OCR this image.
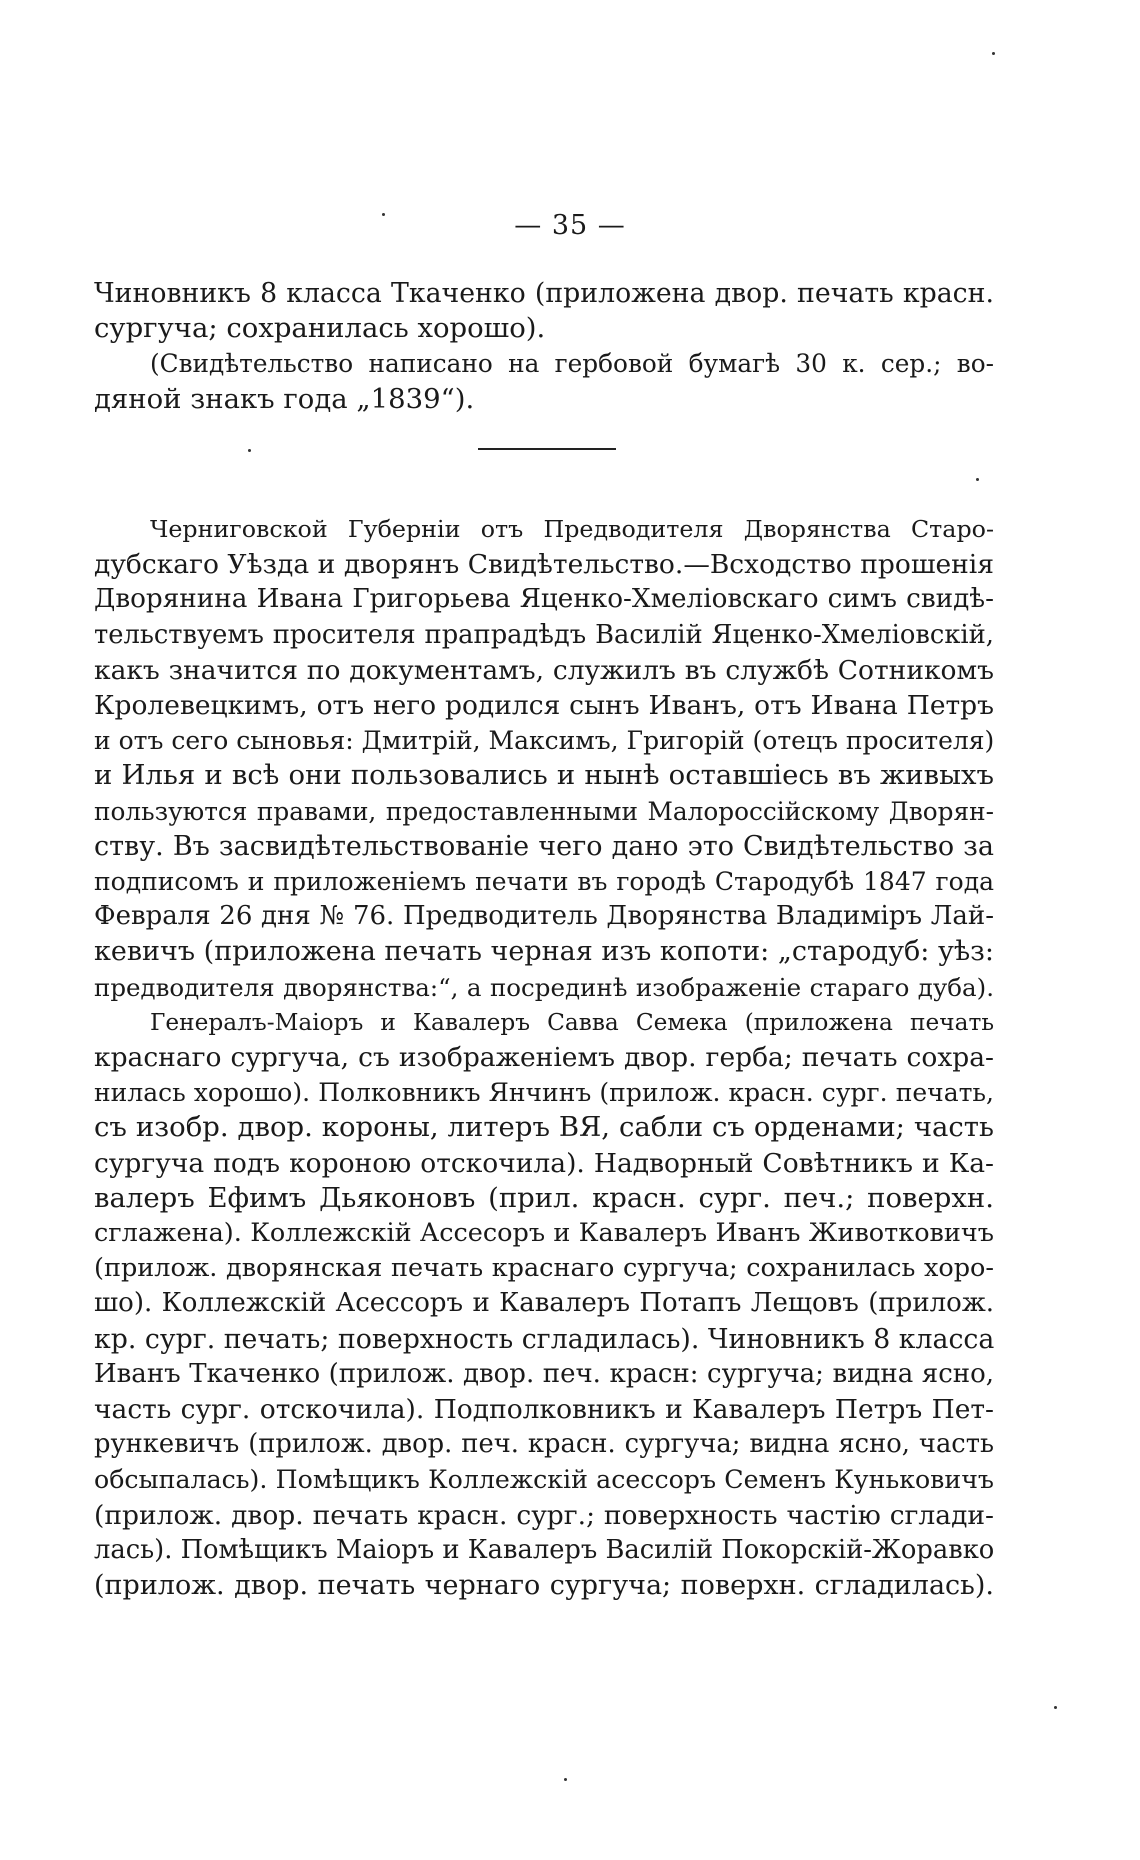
— 35 —
Чиновникъ 8 класса Ткаченко (приложена двор. печать красн.
сургуча; сохранилась хорошо).
(Свидѣтельство написано на гербовой бумагѣ 30 к. сер.; во-
дяной знакъ года „1839“).
Черниговской Губерніи отъ Предводителя Дворянства Старо-
дубскаго Уѣзда и дворянъ Свидѣтельство.—Всходство прошенія
Дворянина Ивана Григорьева Яценко-Хмеліовскаго симъ свидѣ-
тельствуемъ просителя прапрадѣдъ Василій Яценко-Хмеліовскій,
какъ значится по документамъ, служилъ въ службѣ Сотникомъ
Кролевецкимъ, отъ него родился сынъ Иванъ, отъ Ивана Петръ
и отъ сего сыновья: Дмитрій, Максимъ, Григорій (отецъ просителя)
и Илья и всѣ они пользовались и нынѣ оставшіесь въ живыхъ
пользуются правами, предоставленными Малороссійскому Дворян-
ству. Въ засвидѣтельствованіе чего дано это Свидѣтельство за
подписомъ и приложеніемъ печати въ городѣ Стародубѣ 1847 года
Февраля 26 дня № 76. Предводитель Дворянства Владиміръ Лай-
кевичъ (приложена печать черная изъ копоти: „стародуб: уѣз:
предводителя дворянства:“, а посрединѣ изображеніе стараго дуба).
Генералъ-Маіоръ и Кавалеръ Савва Семека (приложена печать
краснаго сургуча, съ изображеніемъ двор. герба; печать сохра-
нилась хорошо). Полковникъ Янчинъ (прилож. красн. сург. печать,
съ изобр. двор. короны, литеръ ВЯ, сабли съ орденами; часть
сургуча подъ короною отскочила). Надворный Совѣтникъ и Ка-
валеръ Ефимъ Дьяконовъ (прил. красн. сург. печ.; поверхн.
сглажена). Коллежскій Ассесоръ и Кавалеръ Иванъ Животковичъ
(прилож. дворянская печать краснаго сургуча; сохранилась хоро-
шо). Коллежскій Асессоръ и Кавалеръ Потапъ Лещовъ (прилож.
кр. сург. печать; поверхность сгладилась). Чиновникъ 8 класса
Иванъ Ткаченко (прилож. двор. печ. красн: сургуча; видна ясно,
часть сург. отскочила). Подполковникъ и Кавалеръ Петръ Пет-
рункевичъ (прилож. двор. печ. красн. сургуча; видна ясно, часть
обсыпалась). Помѣщикъ Коллежскій асессоръ Семенъ Куньковичъ
(прилож. двор. печать красн. сург.; поверхность частію сглади-
лась). Помѣщикъ Маіоръ и Кавалеръ Василій Покорскій-Жоравко
(прилож. двор. печать чернаго сургуча; поверхн. сгладилась).
